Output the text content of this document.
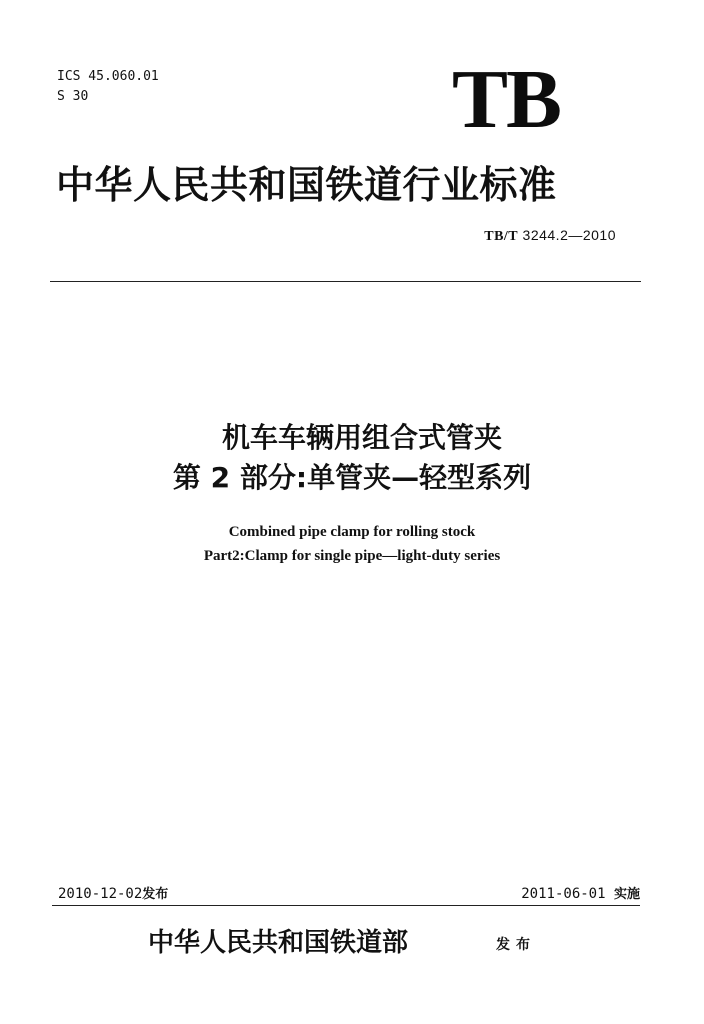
ICS 45.060.01
S 30	TB
中华人民共和国铁道行业标准
TB/T 3244.2—2010
机车车辆用组合式管夹
第 2 部分:单管夹—轻型系列
Combined pipe clamp for rolling stock
Part2:Clamp for single pipe—light-duty series
2010-12-02发布	2011-06-01 实施
中华人民共和国铁道部	发布
